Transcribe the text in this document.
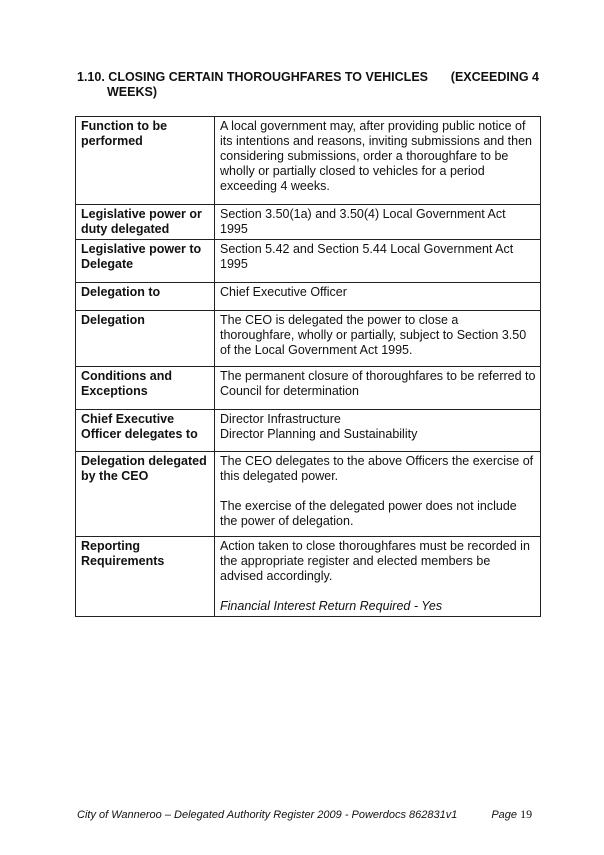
1.10. CLOSING CERTAIN THOROUGHFARES TO VEHICLES (EXCEEDING 4
WEEKS)
Function to be performed	A local government may, after providing public notice of its intentions and reasons, inviting submissions and then considering submissions, order a thoroughfare to be wholly or partially closed to vehicles for a period exceeding 4 weeks.

Legislative power or duty delegated	Section 3.50(1a) and 3.50(4) Local Government Act 1995

Legislative power to Delegate	Section 5.42 and Section 5.44 Local Government Act 1995

Delegation to	Chief Executive Officer

Delegation	The CEO is delegated the power to close a thoroughfare, wholly or partially, subject to Section 3.50 of the Local Government Act 1995.

Conditions and Exceptions	The permanent closure of thoroughfares to be referred to Council for determination

Chief Executive Officer delegates to	Director Infrastructure
Director Planning and Sustainability

Delegation delegated by the CEO	The CEO delegates to the above Officers the exercise of this delegated power.

The exercise of the delegated power does not include the power of delegation.

Reporting Requirements	Action taken to close thoroughfares must be recorded in the appropriate register and elected members be advised accordingly.

Financial Interest Return Required - Yes

City of Wanneroo – Delegated Authority Register 2009 - Powerdocs 862831v1	Page 19
